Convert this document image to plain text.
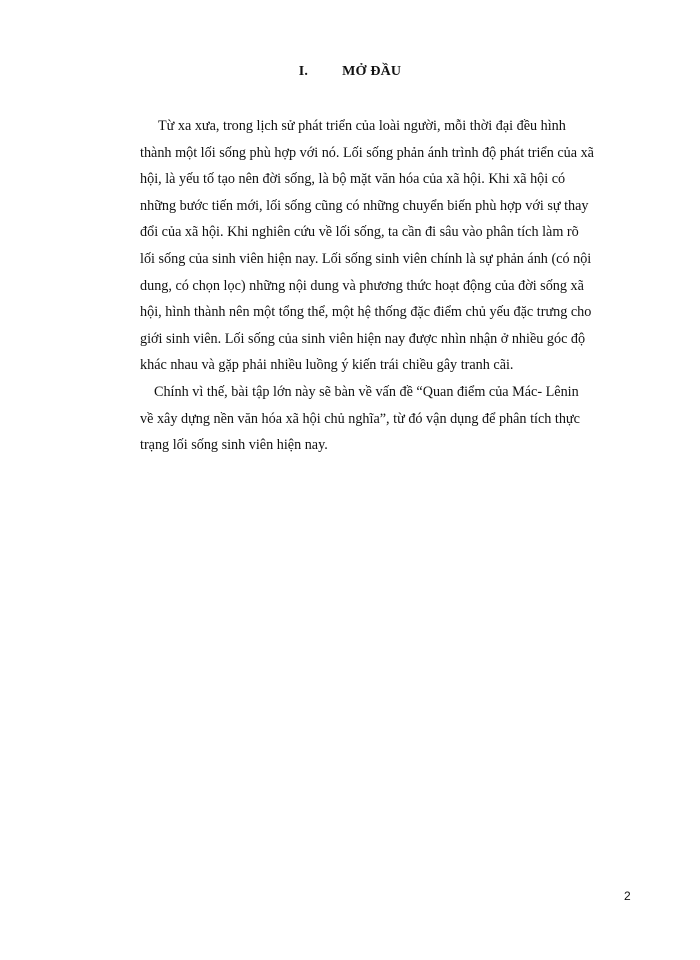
I. MỞ ĐẦU

Từ xa xưa, trong lịch sử phát triển của loài người, mỗi thời đại đều hình
thành một lối sống phù hợp với nó. Lối sống phản ánh trình độ phát triển của xã
hội, là yếu tố tạo nên đời sống, là bộ mặt văn hóa của xã hội. Khi xã hội có
những bước tiến mới, lối sống cũng có những chuyển biến phù hợp với sự thay
đổi của xã hội. Khi nghiên cứu về lối sống, ta cần đi sâu vào phân tích làm rõ
lối sống của sinh viên hiện nay. Lối sống sinh viên chính là sự phản ánh (có nội
dung, có chọn lọc) những nội dung và phương thức hoạt động của đời sống xã
hội, hình thành nên một tổng thể, một hệ thống đặc điểm chủ yếu đặc trưng cho
giới sinh viên. Lối sống của sinh viên hiện nay được nhìn nhận ở nhiều góc độ
khác nhau và gặp phải nhiều luồng ý kiến trái chiều gây tranh cãi.

Chính vì thế, bài tập lớn này sẽ bàn về vấn đề “Quan điểm của Mác- Lênin
về xây dựng nền văn hóa xã hội chủ nghĩa”, từ đó vận dụng để phân tích thực
trạng lối sống sinh viên hiện nay.

2
